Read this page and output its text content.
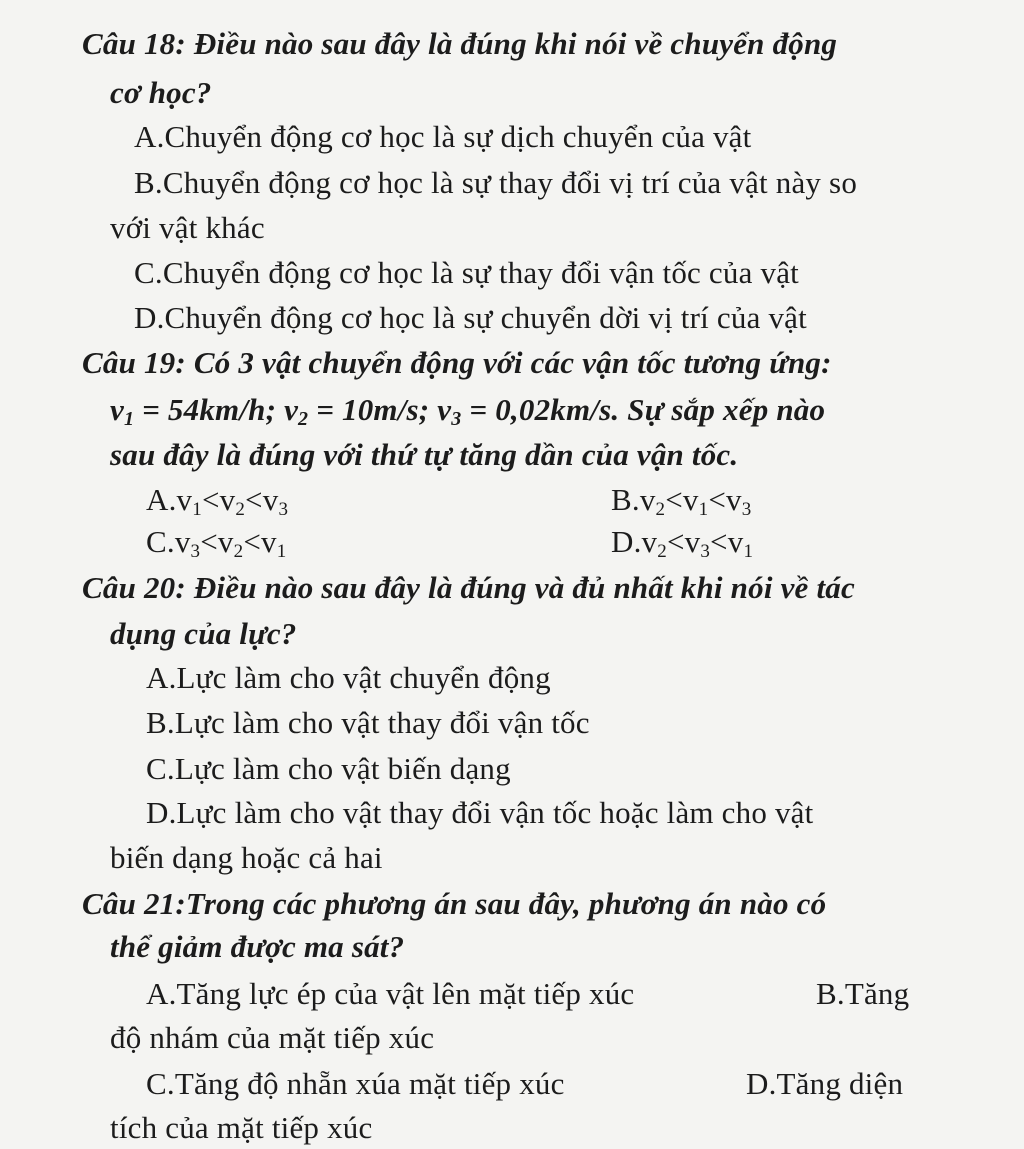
Câu 18: Điều nào sau đây là đúng khi nói về chuyển động
cơ học?
A.Chuyển động cơ học là sự dịch chuyển của vật
B.Chuyển động cơ học là sự thay đổi vị trí của vật này so
với vật khác
C.Chuyển động cơ học là sự thay đổi vận tốc của vật
D.Chuyển động cơ học là sự chuyển dời vị trí của vật
Câu 19: Có 3 vật chuyển động với các vận tốc tương ứng:
$v_1 = 54km/h$; $v_2 = 10m/s$; $v_3 = 0,02km/s$. Sự sắp xếp nào
sau đây là đúng với thứ tự tăng dần của vận tốc.
$A.v_1<v_2<v_3$	$B.v_2<v_1<v_3$
$C.v_3<v_2<v_1$	$D.v_2<v_3<v_1$
Câu 20: Điều nào sau đây là đúng và đủ nhất khi nói về tác
dụng của lực?
A.Lực làm cho vật chuyển động
B.Lực làm cho vật thay đổi vận tốc
C.Lực làm cho vật biến dạng
D.Lực làm cho vật thay đổi vận tốc hoặc làm cho vật
biến dạng hoặc cả hai
Câu 21:Trong các phương án sau đây, phương án nào có
thể giảm được ma sát?
A.Tăng lực ép của vật lên mặt tiếp xúc	B.Tăng
độ nhám của mặt tiếp xúc
C.Tăng độ nhẵn xúa mặt tiếp xúc	D.Tăng diện
tích của mặt tiếp xúc
